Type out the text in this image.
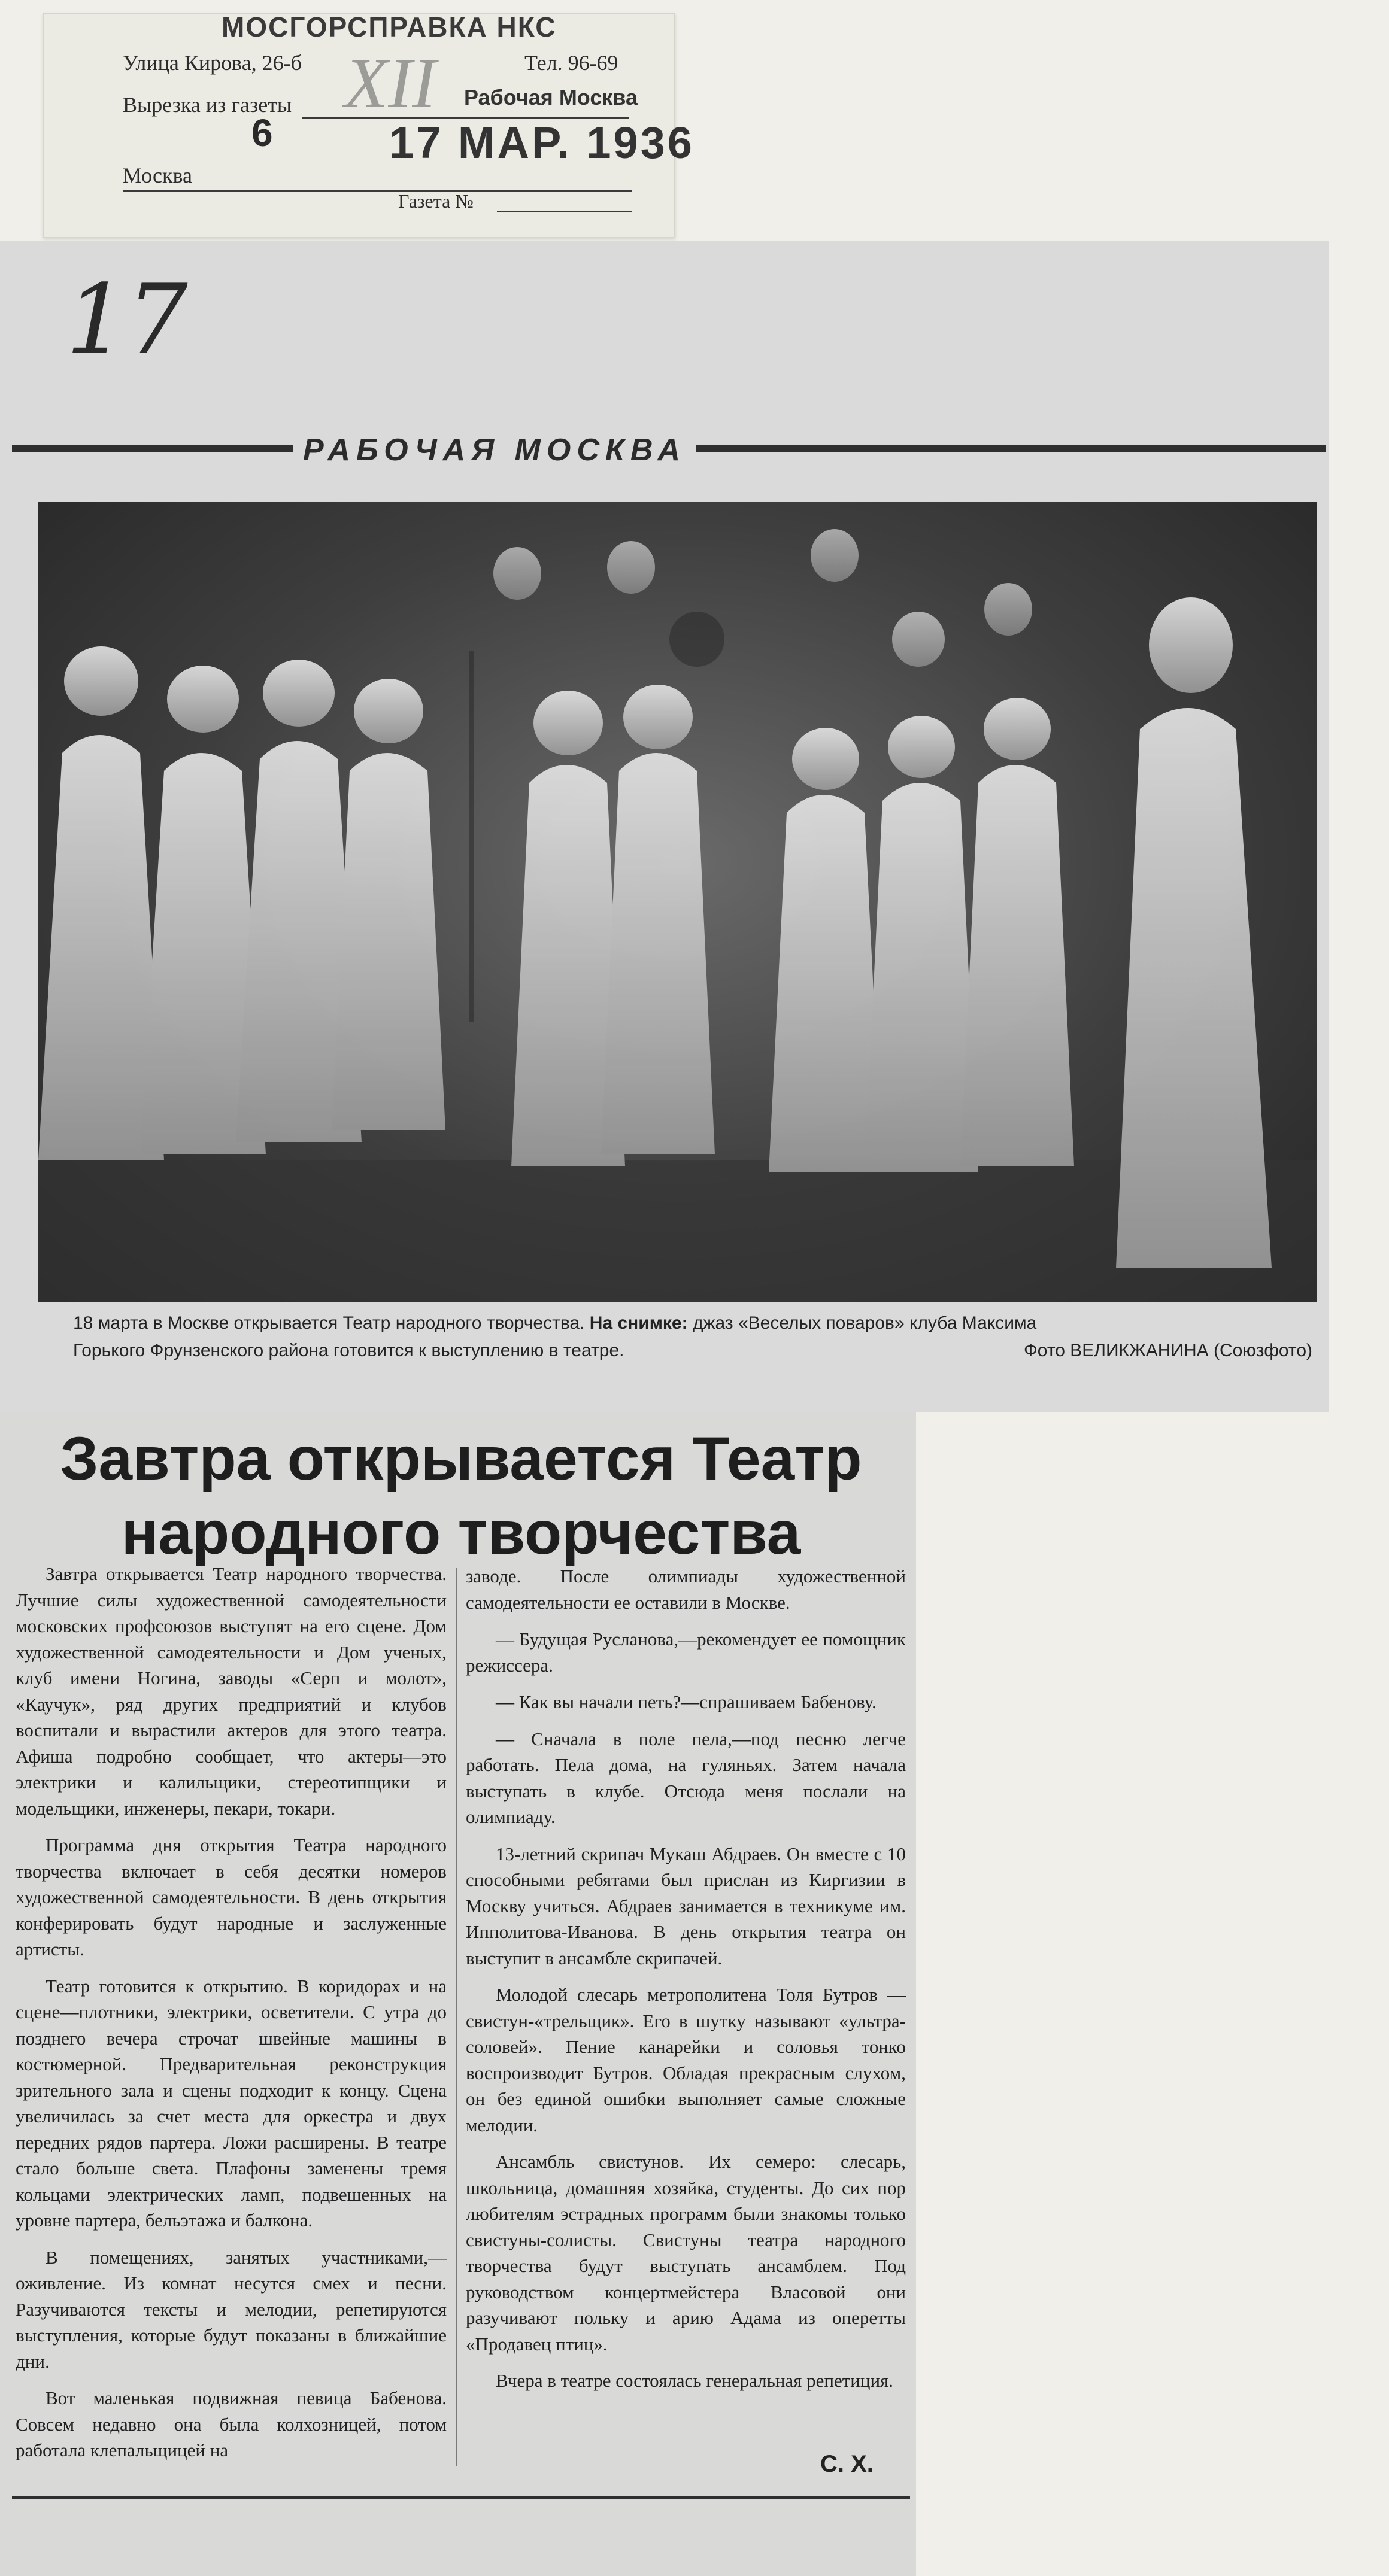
МОСГОРСПРАВКА НКС
Улица Кирова, 26-б	Тел. 96-69
Вырезка из газеты	Рабочая Москва
XII
6	17 МАР. 1936
Москва
Газета №
17
РАБОЧАЯ МОСКВА
18 марта в Москве открывается Театр народного творчества. На снимке: джаз «Веселых поваров» клуба Максима
Горького Фрунзенского района готовится к выступлению в театре.	Фото ВЕЛИКЖАНИНА (Союзфото)
Завтра открывается Театр
народного творчества

Завтра открывается Театр народного творчества. Лучшие силы художественной самодеятельности московских профсоюзов выступят на его сцене. Дом художественной самодеятельности и Дом ученых, клуб имени Ногина, заводы «Серп и молот», «Каучук», ряд других предприятий и клубов воспитали и вырастили актеров для этого театра. Афиша подробно сообщает, что актеры—это электрики и калильщики, стереотипщики и модельщики, инженеры, пекари, токари.

Программа дня открытия Театра народного творчества включает в себя десятки номеров художественной самодеятельности. В день открытия конферировать будут народные и заслуженные артисты.

Театр готовится к открытию. В коридорах и на сцене—плотники, электрики, осветители. С утра до позднего вечера строчат швейные машины в костюмерной. Предварительная реконструкция зрительного зала и сцены подходит к концу. Сцена увеличилась за счет места для оркестра и двух передних рядов партера. Ложи расширены. В театре стало больше света. Плафоны заменены тремя кольцами электрических ламп, подвешенных на уровне партера, бельэтажа и балкона.

В помещениях, занятых участниками,—оживление. Из комнат несутся смех и песни. Разучиваются тексты и мелодии, репетируются выступления, которые будут показаны в ближайшие дни.

Вот маленькая подвижная певица Бабенова. Совсем недавно она была колхозницей, потом работала клепальщицей на

заводе. После олимпиады художественной самодеятельности ее оставили в Москве.

— Будущая Русланова,—рекомендует ее помощник режиссера.

— Как вы начали петь?—спрашиваем Бабенову.

— Сначала в поле пела,—под песню легче работать. Пела дома, на гуляньях. Затем начала выступать в клубе. Отсюда меня послали на олимпиаду.

13-летний скрипач Мукаш Абдраев. Он вместе с 10 способными ребятами был прислан из Киргизии в Москву учиться. Абдраев занимается в техникуме им. Ипполитова-Иванова. В день открытия театра он выступит в ансамбле скрипачей.

Молодой слесарь метрополитена Толя Бутров — свистун-«трельщик». Его в шутку называют «ультра-соловей». Пение канарейки и соловья тонко воспроизводит Бутров. Обладая прекрасным слухом, он без единой ошибки выполняет самые сложные мелодии.

Ансамбль свистунов. Их семеро: слесарь, школьница, домашняя хозяйка, студенты. До сих пор любителям эстрадных программ были знакомы только свистуны-солисты. Свистуны театра народного творчества будут выступать ансамблем. Под руководством концертмейстера Власовой они разучивают польку и арию Адама из оперетты «Продавец птиц».

Вчера в театре состоялась генеральная репетиция.

С. Х.
